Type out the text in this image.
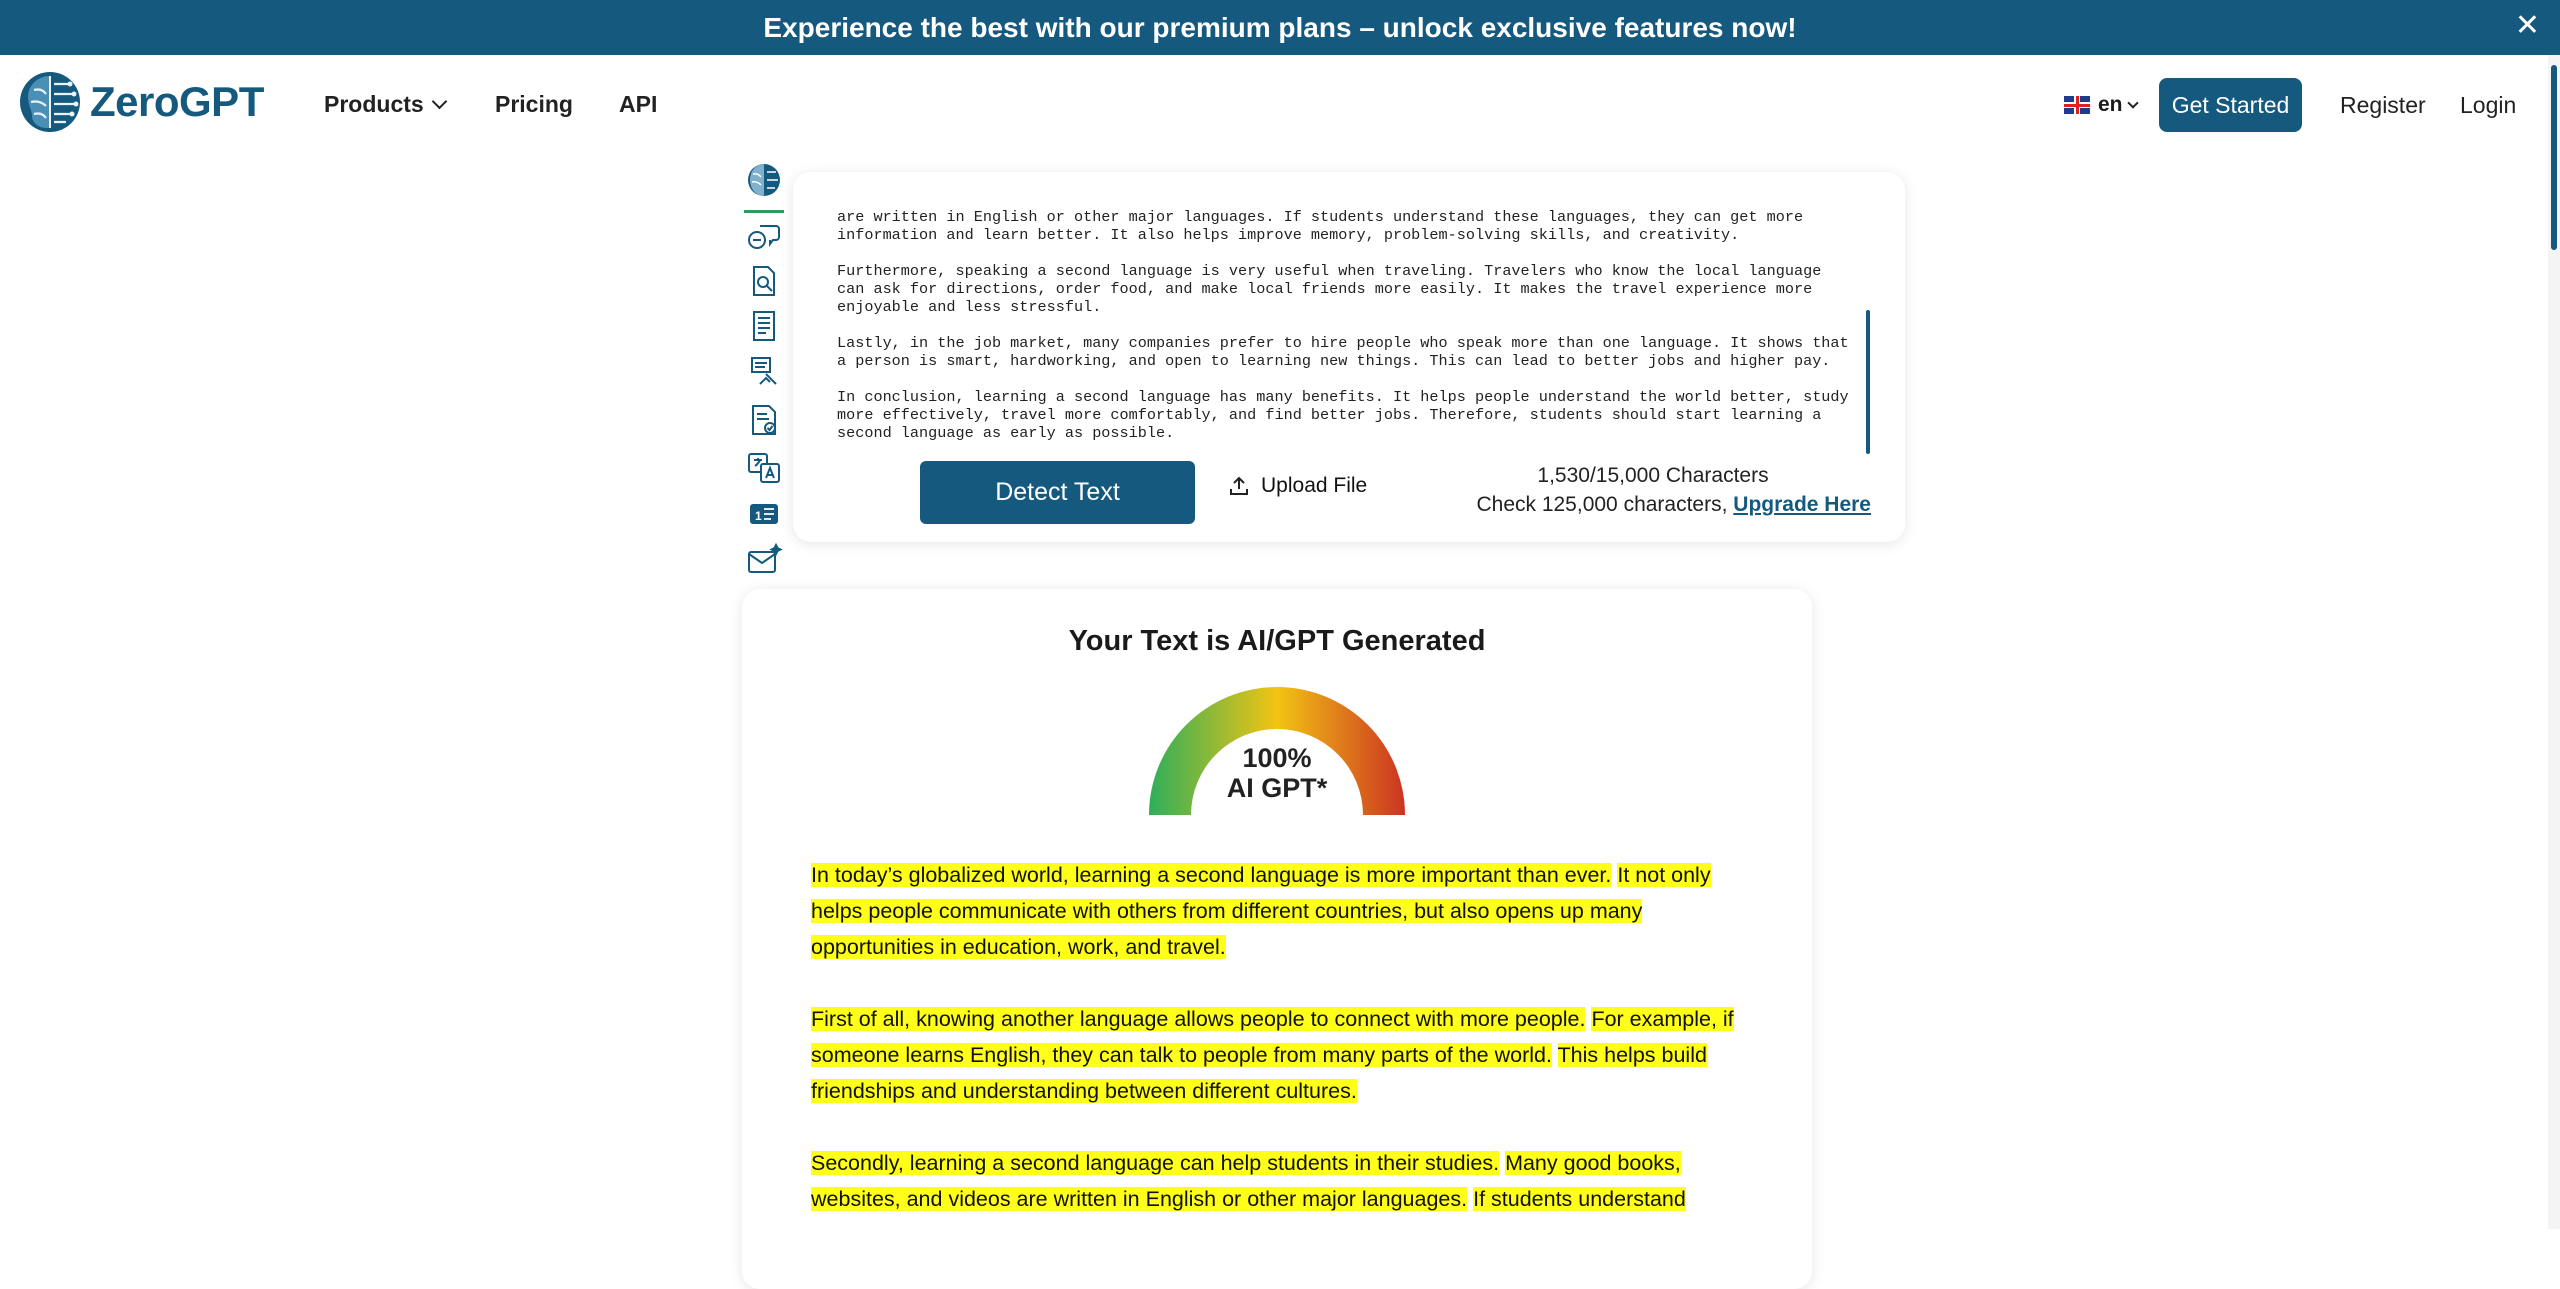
Experience the best with our premium plans – unlock exclusive features now!	✕
ZeroGPT	Products	Pricing API	en	Get Started	Register Login
1

are written in English or other major languages. If students understand these languages, they can get more information and learn better. It also helps improve memory, problem-solving skills, and creativity.

Furthermore, speaking a second language is very useful when traveling. Travelers who know the local language can ask for directions, order food, and make local friends more easily. It makes the travel experience more enjoyable and less stressful.

Lastly, in the job market, many companies prefer to hire people who speak more than one language. It shows that a person is smart, hardworking, and open to learning new things. This can lead to better jobs and higher pay.

In conclusion, learning a second language has many benefits. It helps people understand the world better, study more effectively, travel more comfortably, and find better jobs. Therefore, students should start learning a second language as early as possible.

Detect Text	Upload File	1,530/15,000 Characters
Check 125,000 characters, Upgrade Here
Your Text is AI/GPT Generated
100%
AI GPT*

In today’s globalized world, learning a second language is more important than ever. It not only helps people communicate with others from different countries, but also opens up many opportunities in education, work, and travel.

First of all, knowing another language allows people to connect with more people. For example, if someone learns English, they can talk to people from many parts of the world. This helps build friendships and understanding between different cultures.

Secondly, learning a second language can help students in their studies. Many good books, websites, and videos are written in English or other major languages. If students understand
